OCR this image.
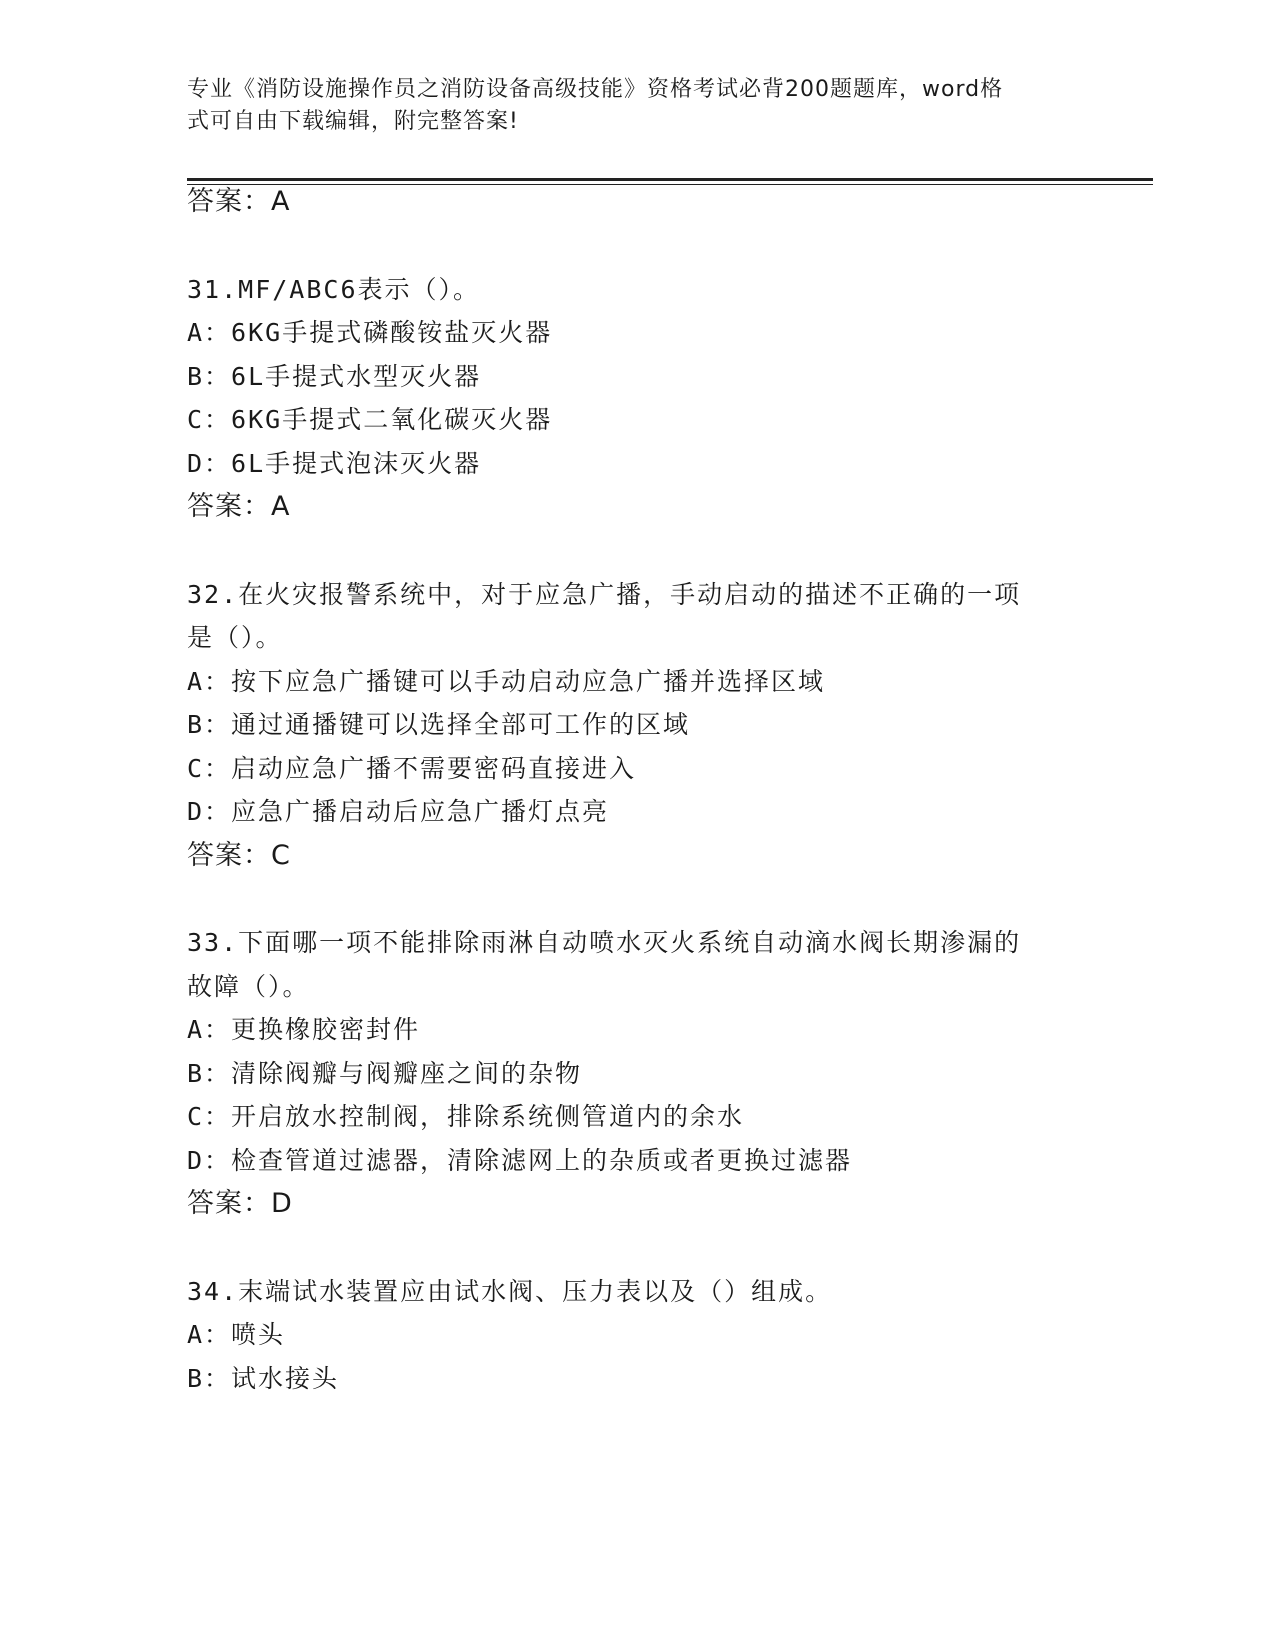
专业《消防设施操作员之消防设备高级技能》资格考试必背200题题库，word格
式可自由下载编辑，附完整答案!
答案：A
31.MF/ABC6表示（）。
A：6KG手提式磷酸铵盐灭火器
B：6L手提式水型灭火器
C：6KG手提式二氧化碳灭火器
D：6L手提式泡沫灭火器
答案：A
32.在火灾报警系统中，对于应急广播，手动启动的描述不正确的一项
是（）。
A：按下应急广播键可以手动启动应急广播并选择区域
B：通过通播键可以选择全部可工作的区域
C：启动应急广播不需要密码直接进入
D：应急广播启动后应急广播灯点亮
答案：C
33.下面哪一项不能排除雨淋自动喷水灭火系统自动滴水阀长期渗漏的
故障（）。
A：更换橡胶密封件
B：清除阀瓣与阀瓣座之间的杂物
C：开启放水控制阀，排除系统侧管道内的余水
D：检查管道过滤器，清除滤网上的杂质或者更换过滤器
答案：D
34.末端试水装置应由试水阀、压力表以及（）组成。
A：喷头
B：试水接头
